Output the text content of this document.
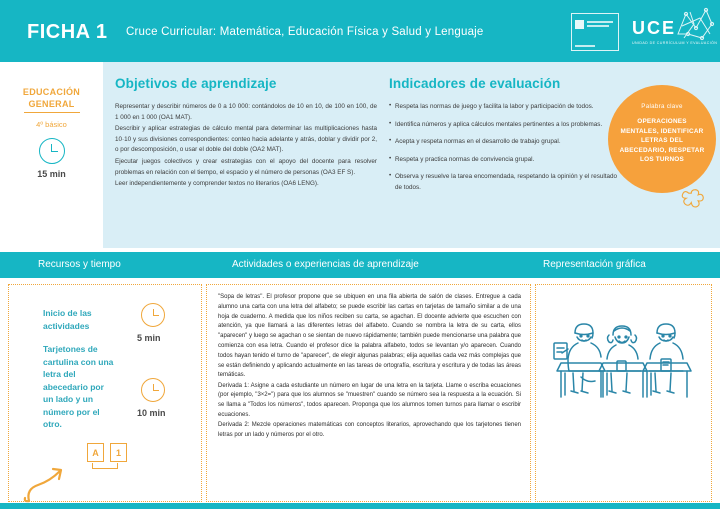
FICHA 1 Cruce Curricular: Matemática, Educación Física y Salud y Lenguaje	UCE
UNIDAD DE CURRÍCULUM Y EVALUACIÓN
EDUCACIÓN
GENERAL
4º básico
15 min
Objetivos de aprendizaje
Representar y describir números de 0 a 10 000: contándolos de 10 en 10, de 100 en 100, de 1 000 en 1 000 (OA1 MAT).
Describir y aplicar estrategias de cálculo mental para determinar las multiplicaciones hasta 10·10 y sus divisiones correspondientes: conteo hacia adelante y atrás, doblar y dividir por 2, o por descomposición, o usar el doble del doble (OA2 MAT).
Ejecutar juegos colectivos y crear estrategias con el apoyo del docente para resolver problemas en relación con el tiempo, el espacio y el número de personas (OA3 EF S).
Leer independientemente y comprender textos no literarios (OA6 LENG).
Indicadores de evaluación
• Respeta las normas de juego y facilita la labor y participación de todos.
• Identifica números y aplica cálculos mentales pertinentes a los problemas.
• Acepta y respeta normas en el desarrollo de trabajo grupal.
• Respeta y practica normas de convivencia grupal.
• Observa y resuelve la tarea encomendada, respetando la opinión y el resultado de todos.
Palabra clave
OPERACIONES MENTALES, IDENTIFICAR LETRAS DEL ABECEDARIO, RESPETAR LOS TURNOS
Recursos y tiempo	Actividades o experiencias de aprendizaje	Representación gráfica
Inicio de las actividades
5 min
Tarjetones de cartulina con una letra del abecedario por un lado y un número por el otro.
10 min
A	1

"Sopa de letras". El profesor propone que se ubiquen en una fila abierta de salón de clases. Entregue a cada alumno una carta con una letra del alfabeto; se puede escribir las cartas en tarjetas de tamaño similar a de una hoja de cuaderno. A medida que los niños reciben su carta, se agachan. El docente advierte que escuchen con atención, ya que llamará a las diferentes letras del alfabeto. Cuando se nombra la letra de su carta, ellos "aparecen" y luego se agachan o se sientan de nuevo rápidamente; también puede mencionarse una palabra que comienza con esa letra. Cuando el profesor dice la palabra alfabeto, todos se levantan y/o aparecen. Cuando todos hayan tenido el turno de "aparecer", de elegir algunas palabras; elija aquellas cada vez más complejas que se están definiendo y aplicando actualmente en las tareas de ortografía, escritura y escritura y de todas las áreas temáticas.

Derivada 1: Asigne a cada estudiante un número en lugar de una letra en la tarjeta. Llame o escriba ecuaciones (por ejemplo, "3×2=") para que los alumnos se "muestren" cuando se número sea la respuesta a la ecuación. Si se llama a "Todos los números", todos aparecen. Proponga que los alumnos tomen turnos para llamar o escribir ecuaciones.

Derivada 2: Mezcle operaciones matemáticas con conceptos literarios, aprovechando que los tarjetones tienen letras por un lado y números por el otro.
